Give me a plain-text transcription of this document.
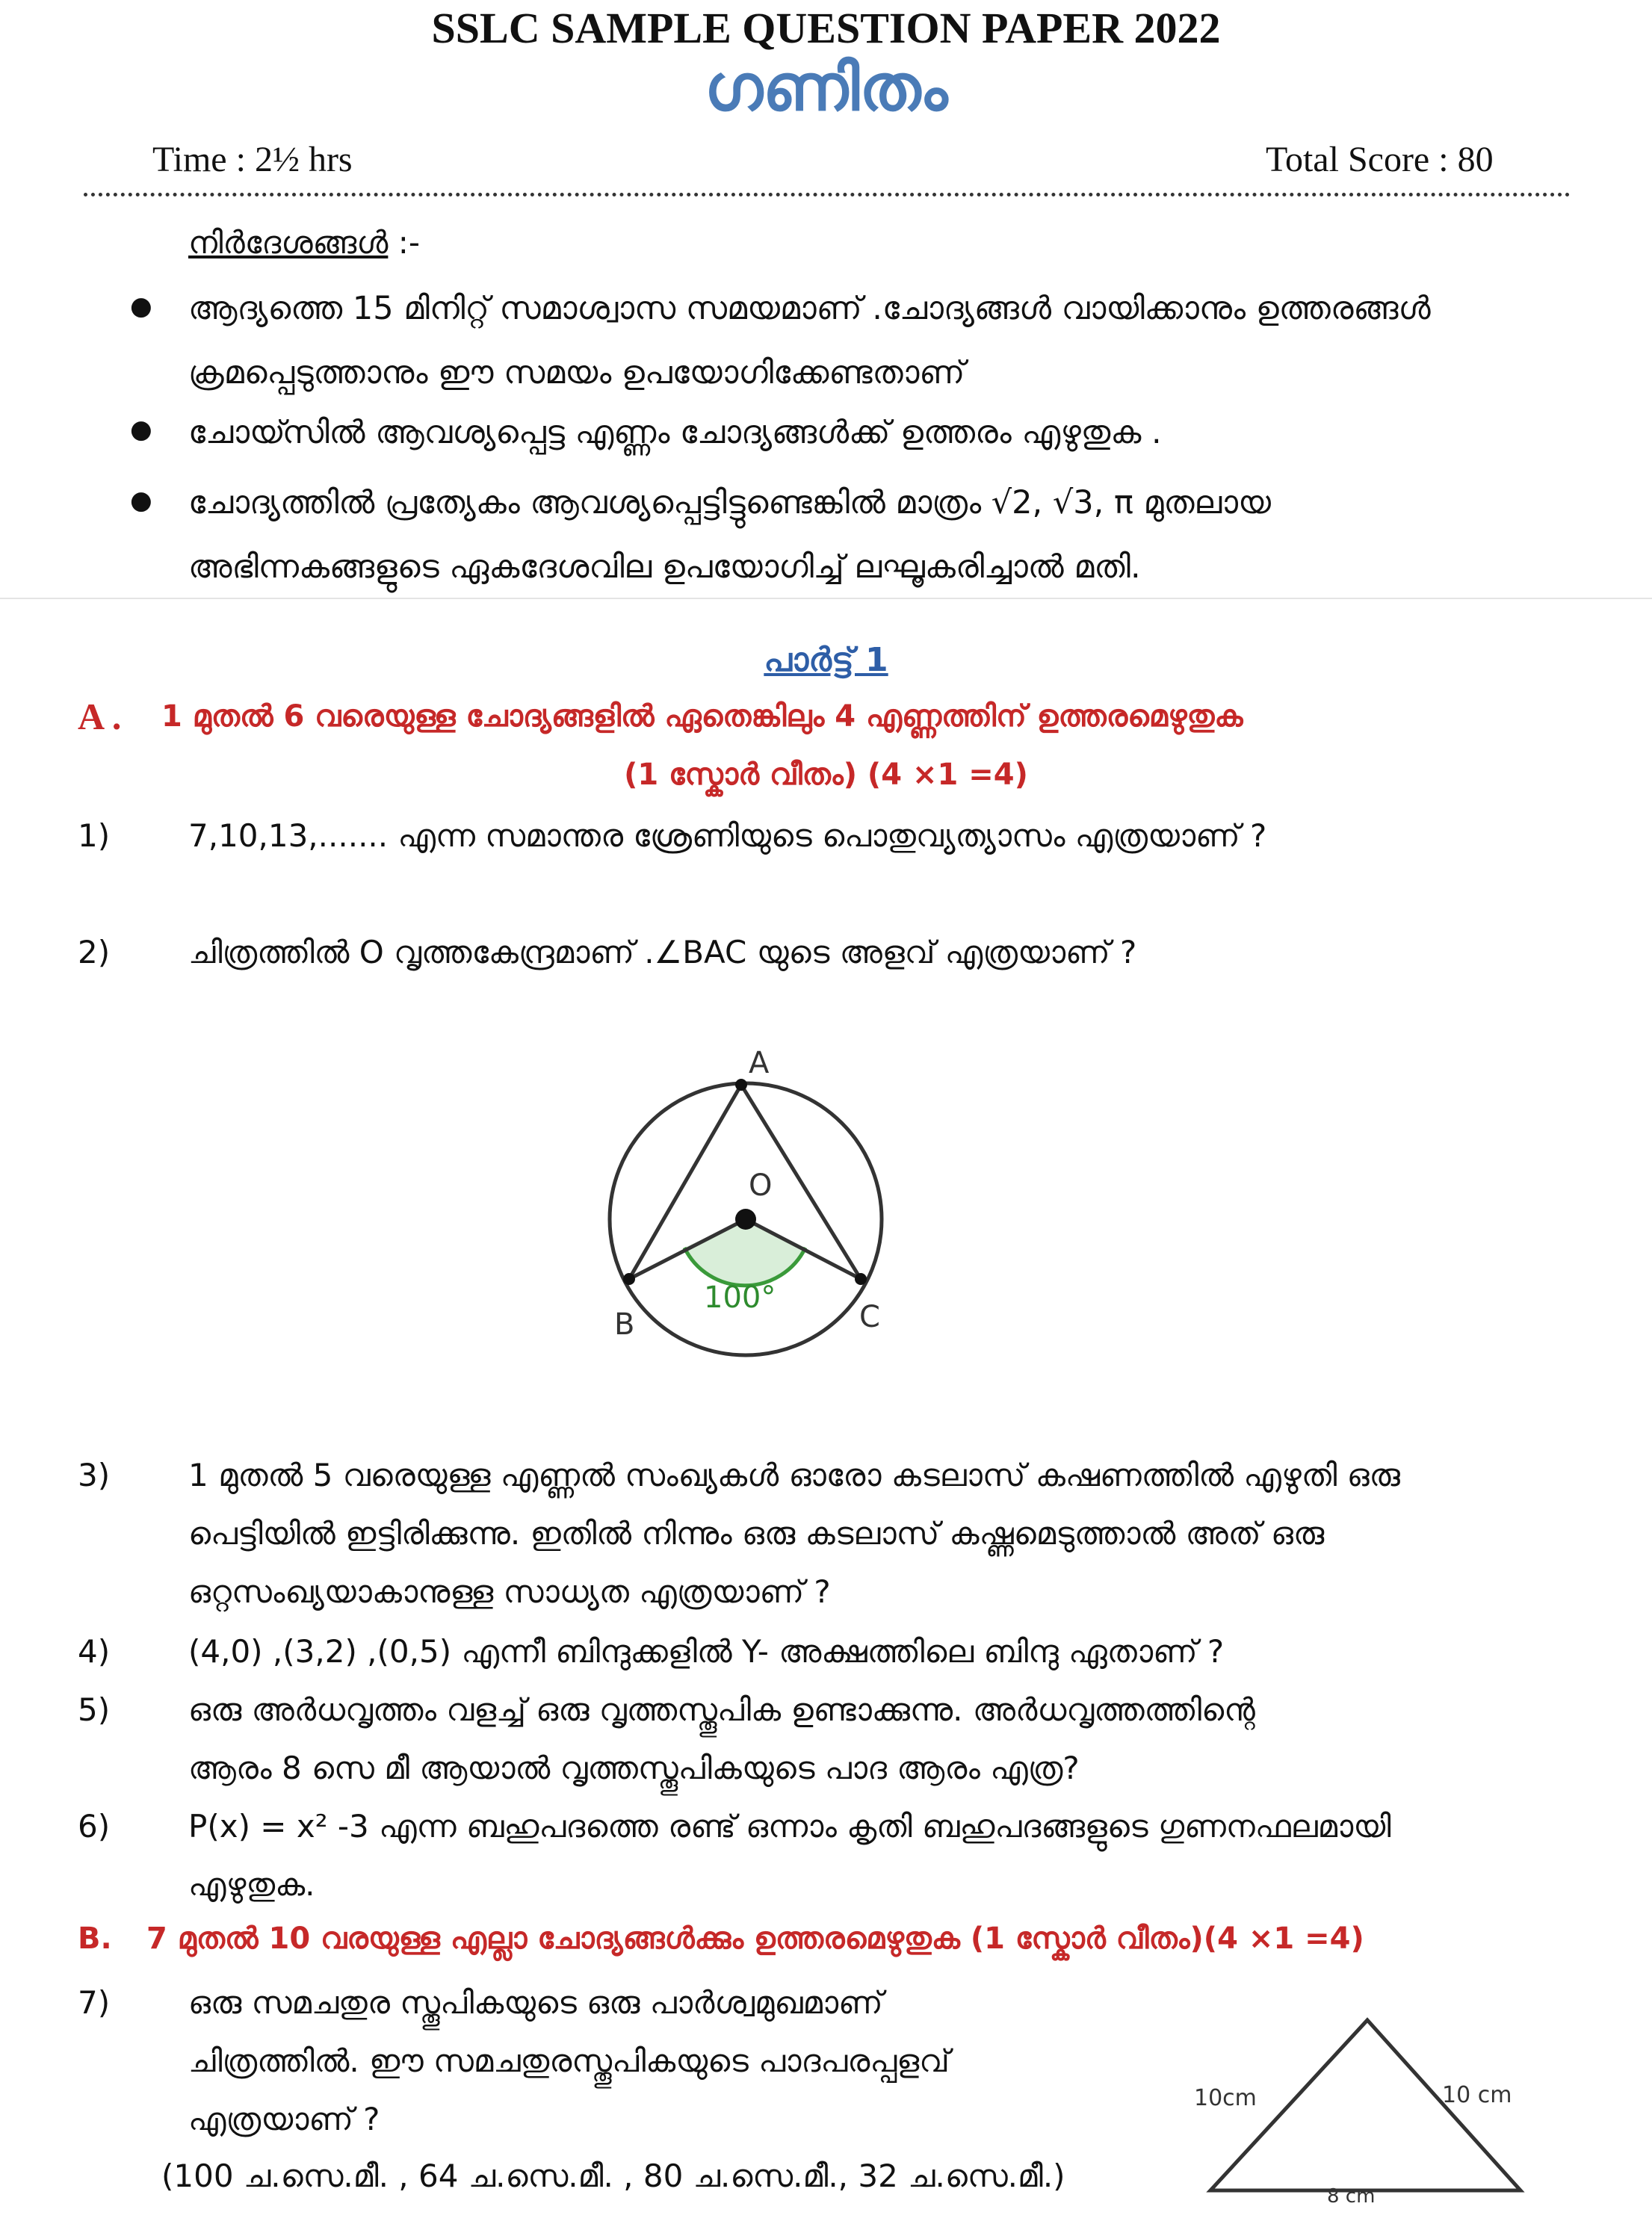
SSLC SAMPLE QUESTION PAPER 2022
ഗണിതം
Time : 2½ hrs	Total Score : 80
നിർദേശങ്ങൾ :-
● ആദ്യത്തെ 15 മിനിറ്റ് സമാശ്വാസ സമയമാണ് .ചോദ്യങ്ങൾ വായിക്കാനും ഉത്തരങ്ങൾ
ക്രമപ്പെടുത്താനും ഈ സമയം ഉപയോഗിക്കേണ്ടതാണ്
● ചോയ്സിൽ ആവശ്യപ്പെട്ട എണ്ണം ചോദ്യങ്ങൾക്ക് ഉത്തരം എഴുതുക .
● ചോദ്യത്തിൽ പ്രത്യേകം ആവശ്യപ്പെട്ടിട്ടുണ്ടെങ്കിൽ മാത്രം √2, √3, π മുതലായ
അഭിന്നകങ്ങളുടെ ഏകദേശവില ഉപയോഗിച്ച് ലഘൂകരിച്ചാൽ മതി.
പാർട്ട് 1
A . 1 മുതൽ 6 വരെയുള്ള ചോദ്യങ്ങളിൽ ഏതെങ്കിലും 4 എണ്ണത്തിന് ഉത്തരമെഴുതുക
(1 സ്കോർ വീതം) (4 ×1 =4)
1) 7,10,13,....... എന്ന സമാന്തര ശ്രേണിയുടെ പൊതുവ്യത്യാസം എത്രയാണ് ?
2) ചിത്രത്തിൽ O വൃത്തകേന്ദ്രമാണ് .∠BAC യുടെ അളവ് എത്രയാണ് ?
A
O
B	C
100°
3) 1 മുതൽ 5 വരെയുള്ള എണ്ണൽ സംഖ്യകൾ ഓരോ കടലാസ് കഷണത്തിൽ എഴുതി ഒരു
പെട്ടിയിൽ ഇട്ടിരിക്കുന്നു. ഇതിൽ നിന്നും ഒരു കടലാസ് കഷ്ണമെടുത്താൽ അത് ഒരു
ഒറ്റസംഖ്യയാകാനുള്ള സാധ്യത എത്രയാണ് ?
4) (4,0) ,(3,2) ,(0,5) എന്നീ ബിന്ദുക്കളിൽ Y- അക്ഷത്തിലെ ബിന്ദു ഏതാണ് ?
5) ഒരു അർധവൃത്തം വളച്ച് ഒരു വൃത്തസ്തൂപിക ഉണ്ടാക്കുന്നു. അർധവൃത്തത്തിന്റെ
ആരം 8 സെ മീ ആയാൽ വൃത്തസ്തൂപികയുടെ പാദ ആരം എത്ര?
6) P(x) = x² -3 എന്ന ബഹുപദത്തെ രണ്ട് ഒന്നാം കൃതി ബഹുപദങ്ങളുടെ ഗുണനഫലമായി
എഴുതുക.
B. 7 മുതൽ 10 വരയുള്ള എല്ലാ ചോദ്യങ്ങൾക്കും ഉത്തരമെഴുതുക (1 സ്കോർ വീതം)(4 ×1 =4)
7) ഒരു സമചതുര സ്തൂപികയുടെ ഒരു പാർശ്വമുഖമാണ്
ചിത്രത്തിൽ. ഈ സമചതുരസ്തൂപികയുടെ പാദപരപ്പളവ്
എത്രയാണ് ?
(100 ച.സെ.മീ. , 64 ച.സെ.മീ. , 80 ച.സെ.മീ., 32 ച.സെ.മീ.)
10cm	10 cm
8 cm
